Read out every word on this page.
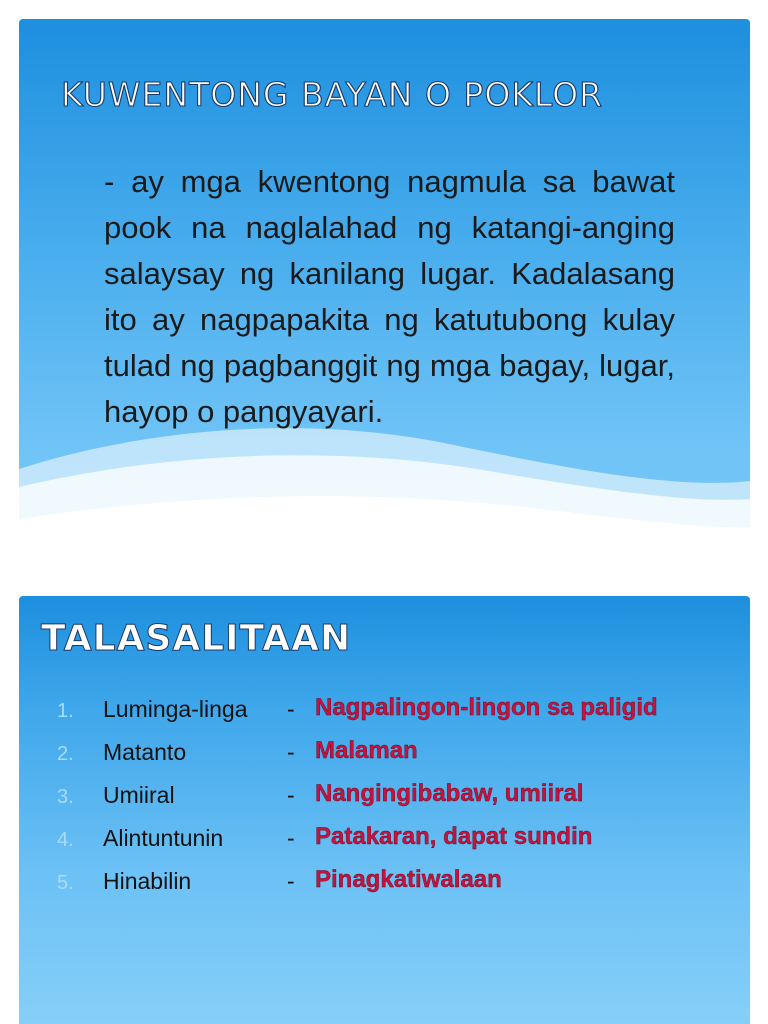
KUWENTONG BAYAN O POKLOR

- ay mga kwentong nagmula sa bawat pook na naglalahad ng katangi-anging salaysay ng kanilang lugar. Kadalasang ito ay nagpapakita ng katutubong kulay tulad ng pagbanggit ng mga bagay, lugar, hayop o pangyayari.

TALASALITAAN
1. Luminga-linga - Nagpalingon-lingon sa paligid
2. Matanto	- Malaman
3. Umiiral	- Nangingibabaw, umiiral
4. Alintuntunin	- Patakaran, dapat sundin
5. Hinabilin	- Pinagkatiwalaan
